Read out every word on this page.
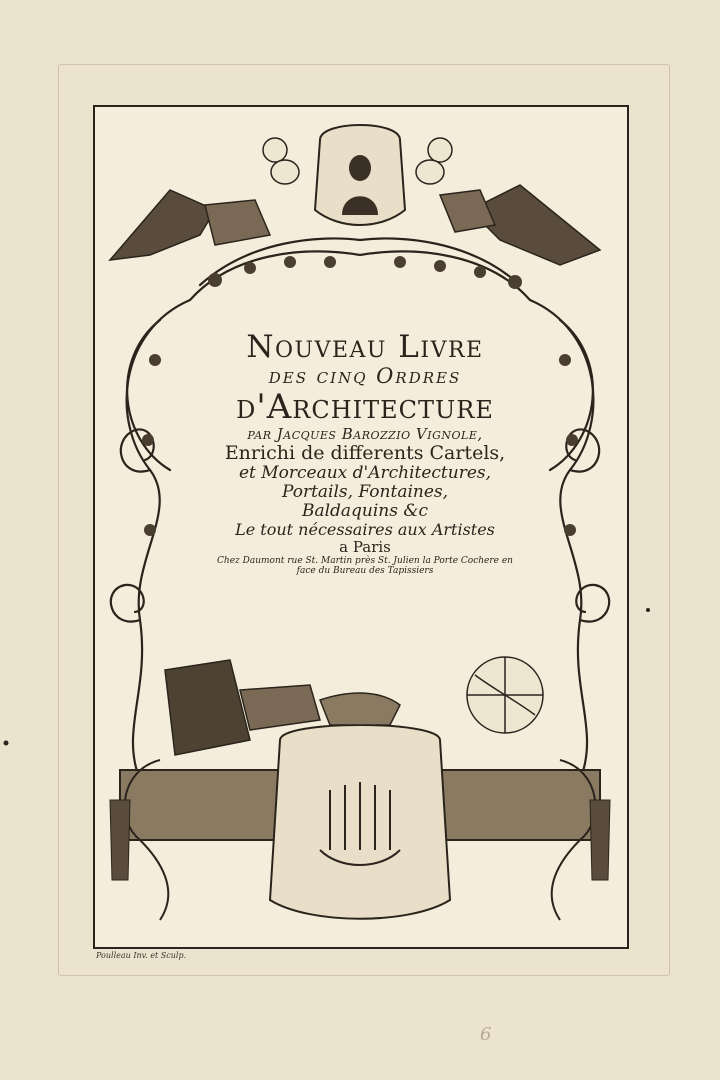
Nouveau Livre
des cinq Ordres
d'Architecture
par Jacques Barozzio Vignole,
Enrichi de differents Cartels,
et Morceaux d'Architectures,
Portails, Fontaines,
Baldaquins &c
Le tout nécessaires aux Artistes
a Paris
Chez Daumont rue St. Martin près St. Julien la Porte Cochere en
face du Bureau des Tapissiers
Poulleau Inv. et Sculp.
6
